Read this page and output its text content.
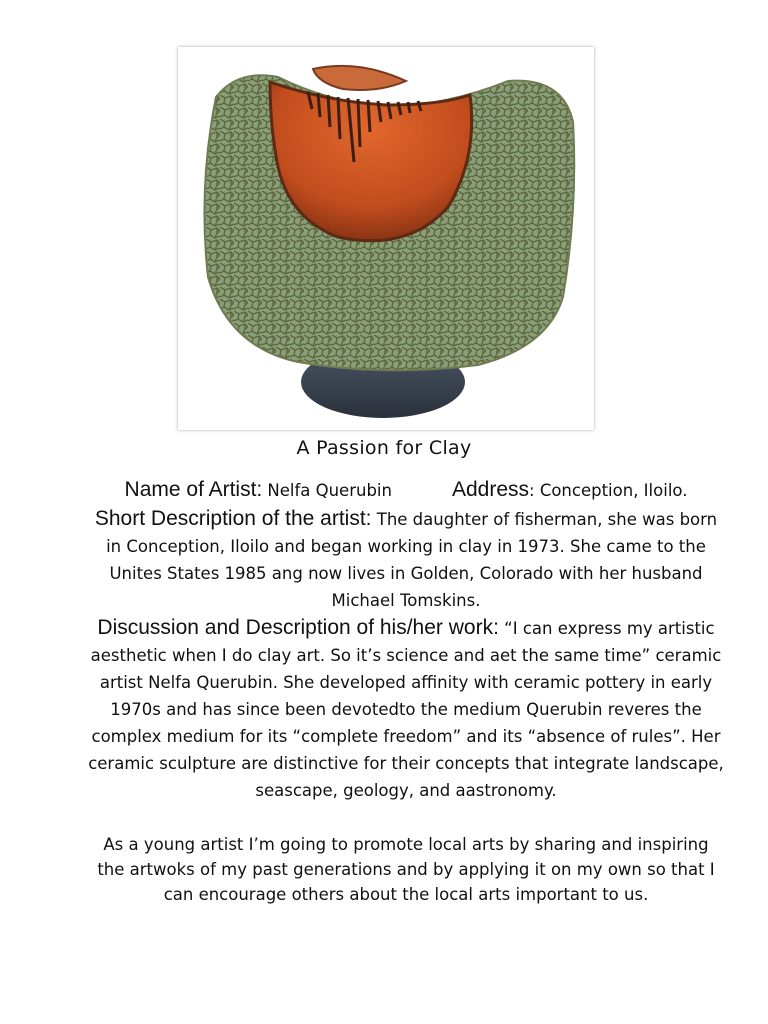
A Passion for Clay
Name of Artist: Nelfa Querubin	Address: Conception, Iloilo.
Short Description of the artist: The daughter of fisherman, she was born in Conception, Iloilo and began working in clay in 1973. She came to the Unites States 1985 ang now lives in Golden, Colorado with her husband Michael Tomskins.
Discussion and Description of his/her work: “I can express my artistic aesthetic when I do clay art. So it’s science and aet the same time” ceramic artist Nelfa Querubin. She developed affinity with ceramic pottery in early 1970s and has since been devotedto the medium Querubin reveres the complex medium for its “complete freedom” and its “absence of rules”. Her ceramic sculpture are distinctive for their concepts that integrate landscape, seascape, geology, and aastronomy.
As a young artist I’m going to promote local arts by sharing and inspiring the artwoks of my past generations and by applying it on my own so that I can encourage others about the local arts important to us.
